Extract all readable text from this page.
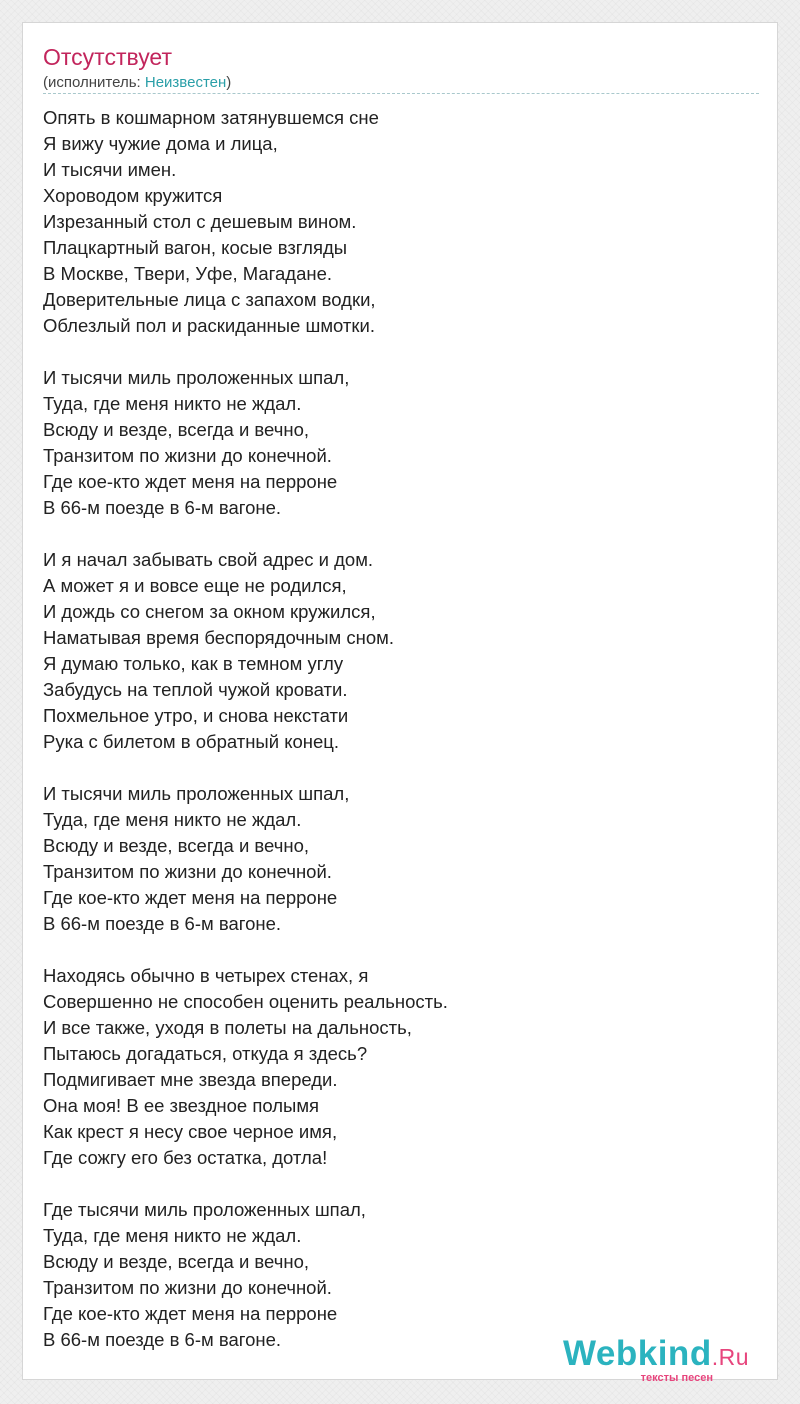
Отсутствует
(исполнитель: Неизвестен)
Опять в кошмарном затянувшемся сне
Я вижу чужие дома и лица,
И тысячи имен.
Хороводом кружится
Изрезанный стол с дешевым вином.
Плацкартный вагон, косые взгляды
В Москве, Твери, Уфе, Магадане.
Доверительные лица с запахом водки,
Облезлый пол и раскиданные шмотки.
И тысячи миль проложенных шпал,
Туда, где меня никто не ждал.
Всюду и везде, всегда и вечно,
Транзитом по жизни до конечной.
Где кое-кто ждет меня на перроне
В 66-м поезде в 6-м вагоне.
И я начал забывать свой адрес и дом.
А может я и вовсе еще не родился,
И дождь со снегом за окном кружился,
Наматывая время беспорядочным сном.
Я думаю только, как в темном углу
Забудусь на теплой чужой кровати.
Похмельное утро, и снова некстати
Рука с билетом в обратный конец.
И тысячи миль проложенных шпал,
Туда, где меня никто не ждал.
Всюду и везде, всегда и вечно,
Транзитом по жизни до конечной.
Где кое-кто ждет меня на перроне
В 66-м поезде в 6-м вагоне.
Находясь обычно в четырех стенах, я
Совершенно не способен оценить реальность.
И все также, уходя в полеты на дальность,
Пытаюсь догадаться, откуда я здесь?
Подмигивает мне звезда впереди.
Она моя! В ее звездное полымя
Как крест я несу свое черное имя,
Где сожгу его без остатка, дотла!
Где тысячи миль проложенных шпал,
Туда, где меня никто не ждал.
Всюду и везде, всегда и вечно,
Транзитом по жизни до конечной.
Где кое-кто ждет меня на перроне
В 66-м поезде в 6-м вагоне.	Webkind.Ru
тексты песен
